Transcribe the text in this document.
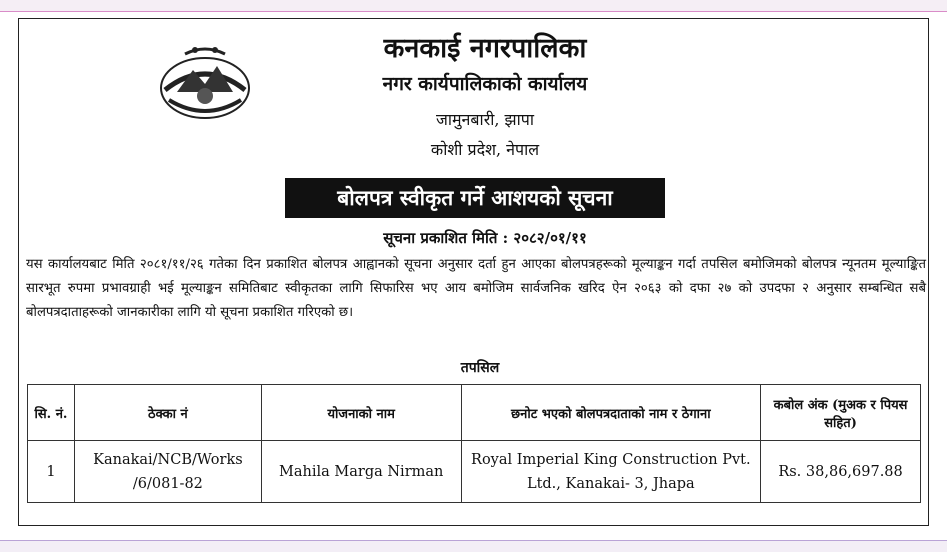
कनकाई नगरपालिका
नगर कार्यपालिकाको कार्यालय
जामुनबारी, झापा
कोशी प्रदेश, नेपाल
बोलपत्र स्वीकृत गर्ने आशयको सूचना
सूचना प्रकाशित मिति : २०८२/०१/११
यस कार्यालयबाट मिति २०८१/११/२६ गतेका दिन प्रकाशित बोलपत्र आह्वानको सूचना अनुसार दर्ता हुन आएका बोलपत्रहरूको मूल्याङ्कन गर्दा तपसिल बमोजिमको बोलपत्र न्यूनतम मूल्याङ्कित सारभूत रुपमा प्रभावग्राही भई मूल्याङ्कन समितिबाट स्वीकृतका लागि सिफारिस भए आय बमोजिम सार्वजनिक खरिद ऐन २०६३ को दफा २७ को उपदफा २ अनुसार सम्बन्धित सबै बोलपत्रदाताहरूको जानकारीका लागि यो सूचना प्रकाशित गरिएको छ।
तपसिल
सि. नं.	ठेक्का नं	योजनाको नाम	छनोट भएको बोलपत्रदाताको नाम र ठेगाना	कबोल अंक (मुअक र पियस सहित)
1	Kanakai/NCB/Works /6/081-82	Mahila Marga Nirman	Royal Imperial King Construction Pvt. Ltd., Kanakai- 3, Jhapa	Rs. 38,86,697.88
